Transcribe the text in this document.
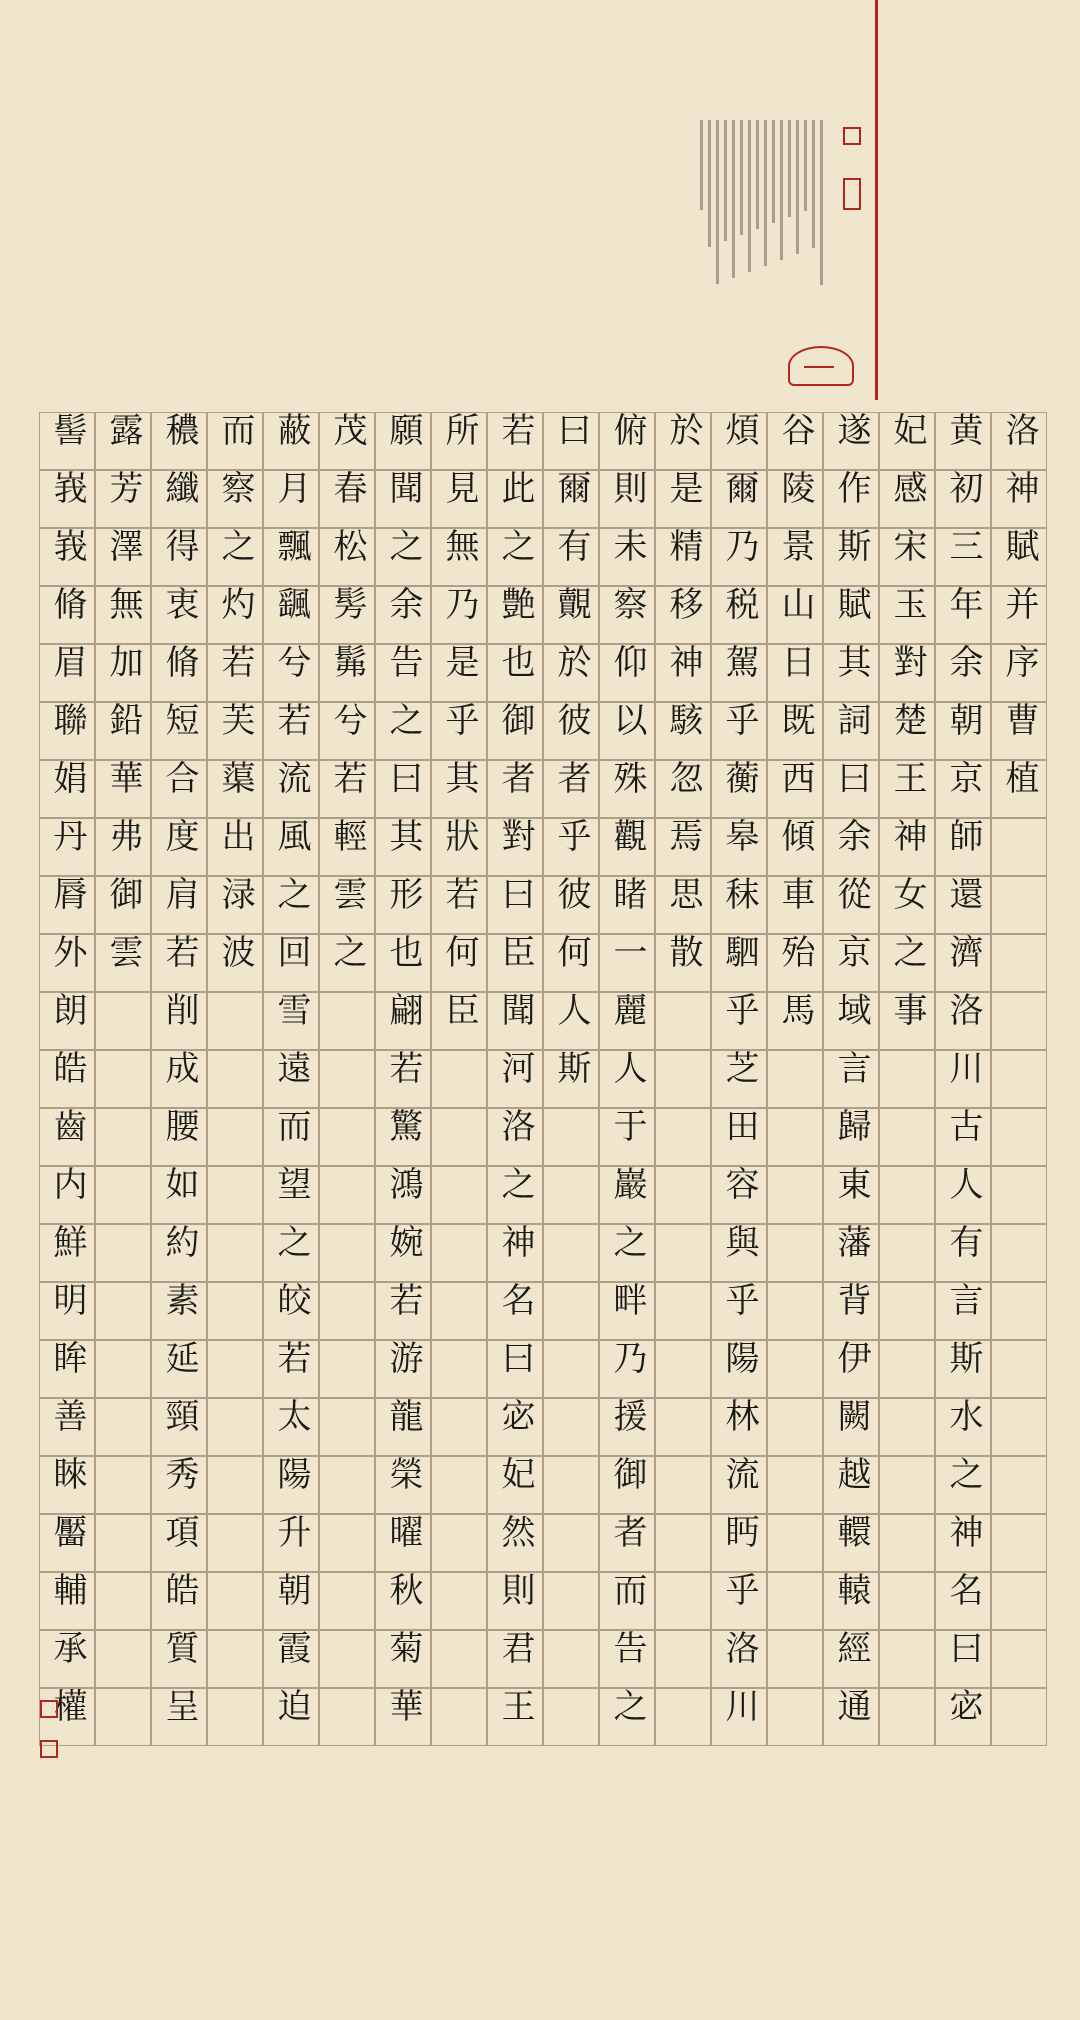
洛神賦并序曹植
黄初三年余朝京師還濟洛川古人有言斯水之神名曰宓
遂作斯賦其詞曰余從京域言歸東藩背伊闕越轘轅經通
煩爾乃税駕乎蘅皋秣駟乎芝田容與乎陽林流眄乎洛川
俯則未察仰以殊觀睹一麗人于巖之畔乃援御者而告之
若此之艶也御者對曰臣聞河洛之神名曰宓妃然則君王
願聞之余告之曰其形也翩若驚鴻婉若游龍榮曜秋菊華
蔽月飄颻兮若流風之回雪遠而望之皎若太陽升朝霞迫
穠纖得衷脩短合度肩若削成腰如約素延頸秀項皓質呈
髻峩峩脩眉聯娟丹脣外朗皓齒内鮮明眸善睞靨輔承權	妃感宋玉對楚王神女之事
谷陵景山日既西傾車殆馬
於是精移神駭忽焉思散
曰爾有覿於彼者乎彼何人斯
所見無乃是乎其狀若何臣
茂春松髣髴兮若輕雲之
而察之灼若芙蕖出渌波
露芳澤無加鉛華弗御雲
